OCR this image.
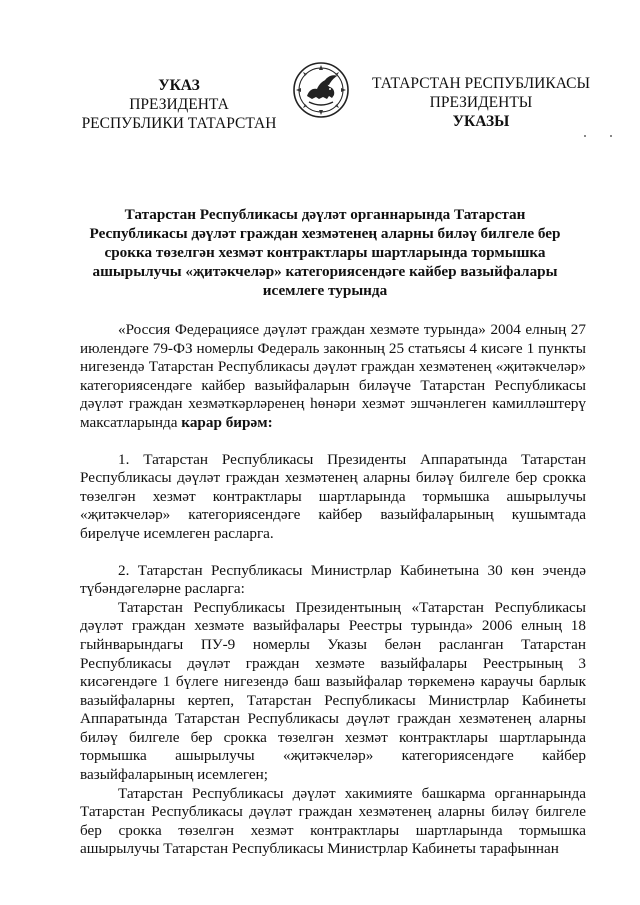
УКАЗ
ПРЕЗИДЕНТА
РЕСПУБЛИКИ ТАТАРСТАН
ТАТАРСТАН РЕСПУБЛИКАСЫ
ПРЕЗИДЕНТЫ
УКАЗЫ
Татарстан Республикасы дәүләт органнарында Татарстан
Республикасы дәүләт граждан хезмәтенең аларны биләү билгеле бер
срокка төзелгән хезмәт контрактлары шартларында тормышка
ашырылучы «җитәкчеләр» категориясендәге кайбер вазыйфалары
исемлеге турында

«Россия Федерациясе дәүләт граждан хезмәте турында» 2004 елның 27 июлендәге 79-ФЗ номерлы Федераль законның 25 статьясы 4 кисәге 1 пункты нигезендә Татарстан Республикасы дәүләт граждан хезмәтенең «җитәкчеләр» категориясендәге кайбер вазыйфаларын биләүче Татарстан Республикасы дәүләт граждан хезмәткәрләренең һөнәри хезмәт эшчәнлеген камилләштерү максатларында карар бирәм:

1. Татарстан Республикасы Президенты Аппаратында Татарстан Республикасы дәүләт граждан хезмәтенең аларны биләү билгеле бер срокка төзелгән хезмәт контрактлары шартларында тормышка ашырылучы «җитәкчеләр» категориясендәге кайбер вазыйфаларының кушымтада бирелүче исемлеген расларга.

2. Татарстан Республикасы Министрлар Кабинетына 30 көн эчендә түбәндәгеләрне расларга:

Татарстан Республикасы Президентының «Татарстан Республикасы дәүләт граждан хезмәте вазыйфалары Реестры турында» 2006 елның 18 гыйнварындагы ПУ-9 номерлы Указы белән расланган Татарстан Республикасы дәүләт граждан хезмәте вазыйфалары Реестрының 3 кисәгендәге 1 бүлеге нигезендә баш вазыйфалар төркеменә караучы барлык вазыйфаларны кертеп, Татарстан Республикасы Министрлар Кабинеты Аппаратында Татарстан Республикасы дәүләт граждан хезмәтенең аларны биләү билгеле бер срокка төзелгән хезмәт контрактлары шартларында тормышка ашырылучы «җитәкчеләр» категориясендәге кайбер вазыйфаларының исемлеген;

Татарстан Республикасы дәүләт хакимияте башкарма органнарында Татарстан Республикасы дәүләт граждан хезмәтенең аларны биләү билгеле бер срокка төзелгән хезмәт контрактлары шартларында тормышка ашырылучы Татарстан Республикасы Министрлар Кабинеты тарафыннан
